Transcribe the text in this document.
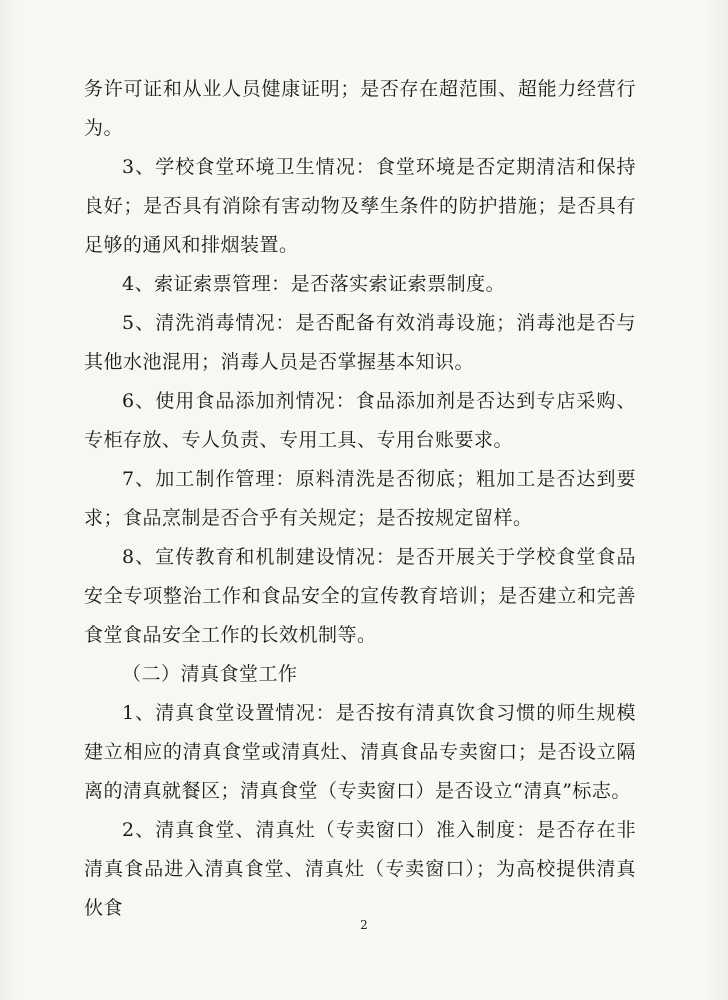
务许可证和从业人员健康证明；是否存在超范围、超能力经营行为。

3、学校食堂环境卫生情况：食堂环境是否定期清洁和保持良好；是否具有消除有害动物及孳生条件的防护措施；是否具有足够的通风和排烟装置。

4、索证索票管理：是否落实索证索票制度。

5、清洗消毒情况：是否配备有效消毒设施；消毒池是否与其他水池混用；消毒人员是否掌握基本知识。

6、使用食品添加剂情况：食品添加剂是否达到专店采购、专柜存放、专人负责、专用工具、专用台账要求。

7、加工制作管理：原料清洗是否彻底；粗加工是否达到要求；食品烹制是否合乎有关规定；是否按规定留样。

8、宣传教育和机制建设情况：是否开展关于学校食堂食品安全专项整治工作和食品安全的宣传教育培训；是否建立和完善食堂食品安全工作的长效机制等。

（二）清真食堂工作

1、清真食堂设置情况：是否按有清真饮食习惯的师生规模建立相应的清真食堂或清真灶、清真食品专卖窗口；是否设立隔离的清真就餐区；清真食堂（专卖窗口）是否设立“清真”标志。

2、清真食堂、清真灶（专卖窗口）准入制度：是否存在非清真食品进入清真食堂、清真灶（专卖窗口）；为高校提供清真伙食

2
